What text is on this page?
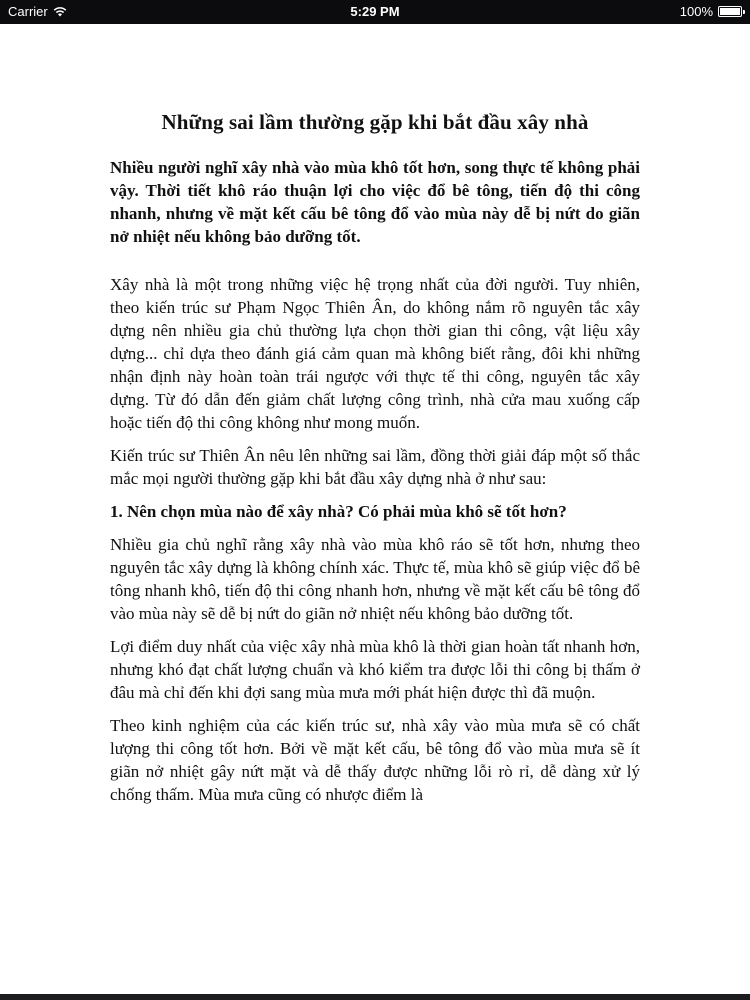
Carrier	5:29 PM	100%
Những sai lầm thường gặp khi bắt đầu xây nhà

Nhiều người nghĩ xây nhà vào mùa khô tốt hơn, song thực tế không phải vậy. Thời tiết khô ráo thuận lợi cho việc đổ bê tông, tiến độ thi công nhanh, nhưng về mặt kết cấu bê tông đổ vào mùa này dễ bị nứt do giãn nở nhiệt nếu không bảo dưỡng tốt.

Xây nhà là một trong những việc hệ trọng nhất của đời người. Tuy nhiên, theo kiến trúc sư Phạm Ngọc Thiên Ân, do không nắm rõ nguyên tắc xây dựng nên nhiều gia chủ thường lựa chọn thời gian thi công, vật liệu xây dựng... chỉ dựa theo đánh giá cảm quan mà không biết rằng, đôi khi những nhận định này hoàn toàn trái ngược với thực tế thi công, nguyên tắc xây dựng. Từ đó dẫn đến giảm chất lượng công trình, nhà cửa mau xuống cấp hoặc tiến độ thi công không như mong muốn.

Kiến trúc sư Thiên Ân nêu lên những sai lầm, đồng thời giải đáp một số thắc mắc mọi người thường gặp khi bắt đầu xây dựng nhà ở như sau:

1. Nên chọn mùa nào để xây nhà? Có phải mùa khô sẽ tốt hơn?

Nhiều gia chủ nghĩ rằng xây nhà vào mùa khô ráo sẽ tốt hơn, nhưng theo nguyên tắc xây dựng là không chính xác. Thực tế, mùa khô sẽ giúp việc đổ bê tông nhanh khô, tiến độ thi công nhanh hơn, nhưng về mặt kết cấu bê tông đổ vào mùa này sẽ dễ bị nứt do giãn nở nhiệt nếu không bảo dưỡng tốt.

Lợi điểm duy nhất của việc xây nhà mùa khô là thời gian hoàn tất nhanh hơn, nhưng khó đạt chất lượng chuẩn và khó kiểm tra được lỗi thi công bị thấm ở đâu mà chỉ đến khi đợi sang mùa mưa mới phát hiện được thì đã muộn.

Theo kinh nghiệm của các kiến trúc sư, nhà xây vào mùa mưa sẽ có chất lượng thi công tốt hơn. Bởi về mặt kết cấu, bê tông đổ vào mùa mưa sẽ ít giãn nở nhiệt gây nứt mặt và dễ thấy được những lỗi rò rỉ, dễ dàng xử lý chống thấm. Mùa mưa cũng có nhược điểm là
